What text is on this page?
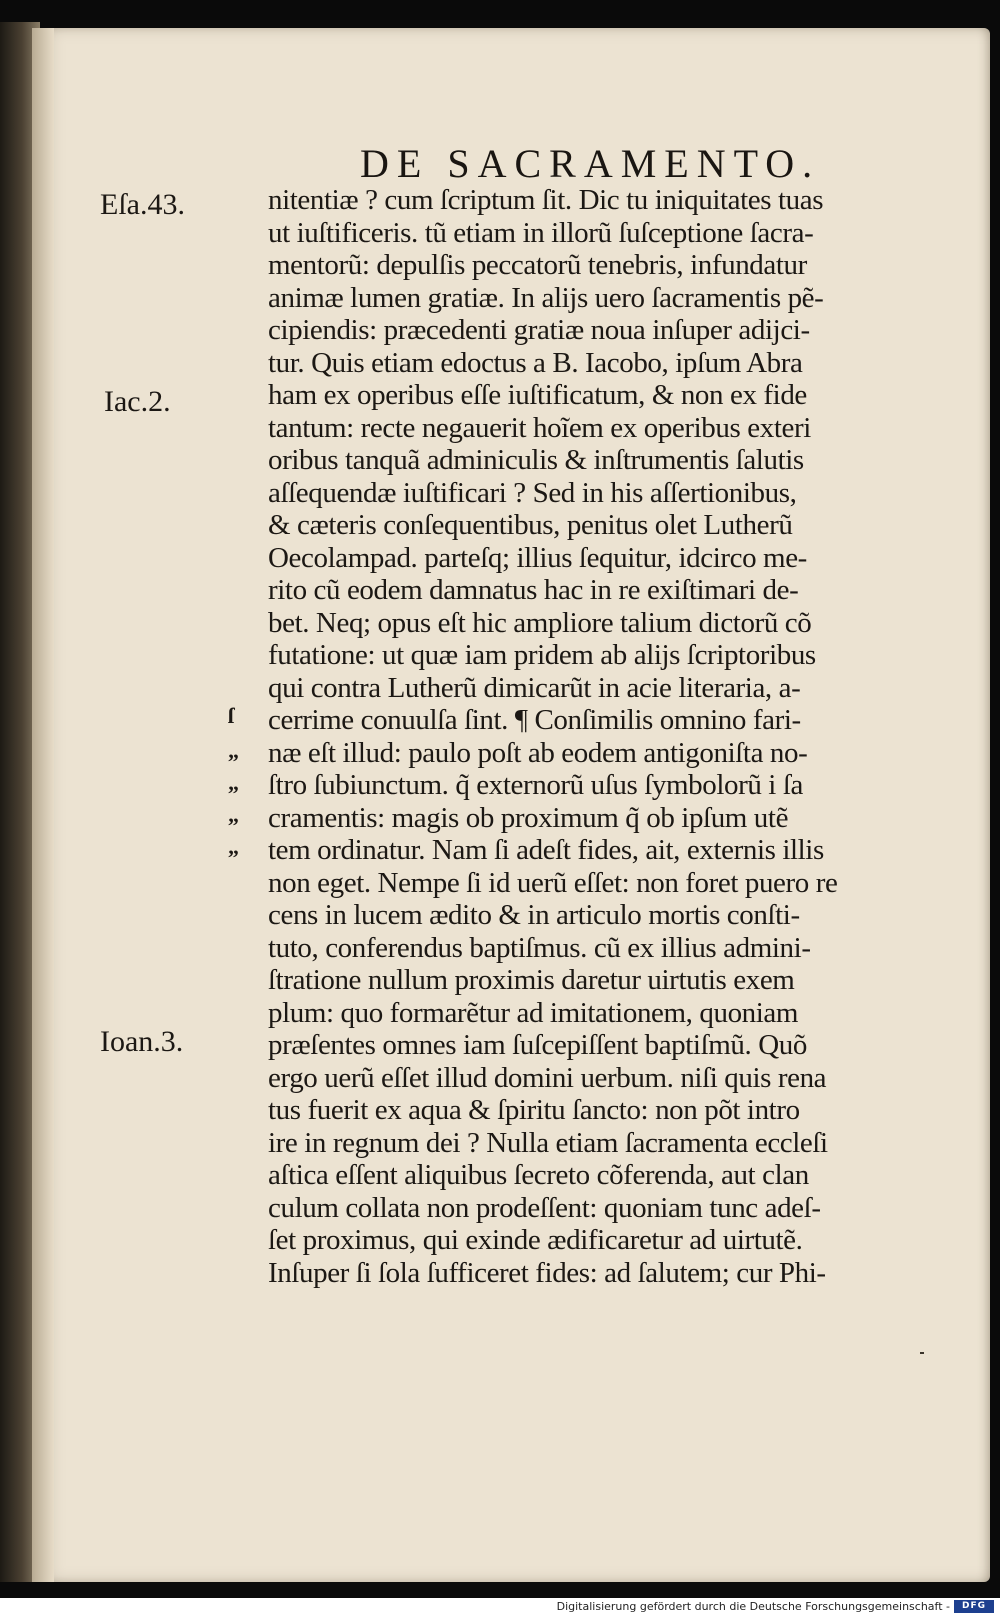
DE SACRAMENTO.
Eſa.43.
Iac.2.
Ioan.3.
ſ
„
„
„
„
nitentiæ ? cum ſcriptum ſit. Dic tu iniquitates tuas
ut iuſtificeris. tũ etiam in illorũ ſuſceptione ſacra-
mentorũ: depulſis peccatorũ tenebris, infundatur
animæ lumen gratiæ. In alijs uero ſacramentis pẽ-
cipiendis: præcedenti gratiæ noua inſuper adijci-
tur. Quis etiam edoctus a B. Iacobo, ipſum Abra
ham ex operibus eſſe iuſtificatum, & non ex fide
tantum: recte negauerit hoĩem ex operibus exteri
oribus tanquã adminiculis & inſtrumentis ſalutis
aſſequendæ iuſtificari ? Sed in his aſſertionibus,
& cæteris conſequentibus, penitus olet Lutherũ
Oecolampad. parteſq; illius ſequitur, idcirco me-
rito cũ eodem damnatus hac in re exiſtimari de-
bet. Neq; opus eſt hic ampliore talium dictorũ cõ
futatione: ut quæ iam pridem ab alijs ſcriptoribus
qui contra Lutherũ dimicarũt in acie literaria, a-
cerrime conuulſa ſint. ¶ Conſimilis omnino fari-
næ eſt illud: paulo poſt ab eodem antigoniſta no-
ſtro ſubiunctum. q̃ externorũ uſus ſymbolorũ i ſa
cramentis: magis ob proximum q̃ ob ipſum utẽ
tem ordinatur. Nam ſi adeſt fides, ait, externis illis
non eget. Nempe ſi id uerũ eſſet: non foret puero re
cens in lucem ædito & in articulo mortis conſti-
tuto, conferendus baptiſmus. cũ ex illius admini-
ſtratione nullum proximis daretur uirtutis exem
plum: quo formarẽtur ad imitationem, quoniam
præſentes omnes iam ſuſcepiſſent baptiſmũ. Quõ
ergo uerũ eſſet illud domini uerbum. niſi quis rena
tus fuerit ex aqua & ſpiritu ſancto: non põt intro
ire in regnum dei ? Nulla etiam ſacramenta eccleſi
aſtica eſſent aliquibus ſecreto cõferenda, aut clan
culum collata non prodeſſent: quoniam tunc adeſ-
ſet proximus, qui exinde ædificaretur ad uirtutẽ.
Inſuper ſi ſola ſufficeret fides: ad ſalutem; cur Phi-
Digitalisierung gefördert durch die Deutsche Forschungsgemeinschaft -	DFG
